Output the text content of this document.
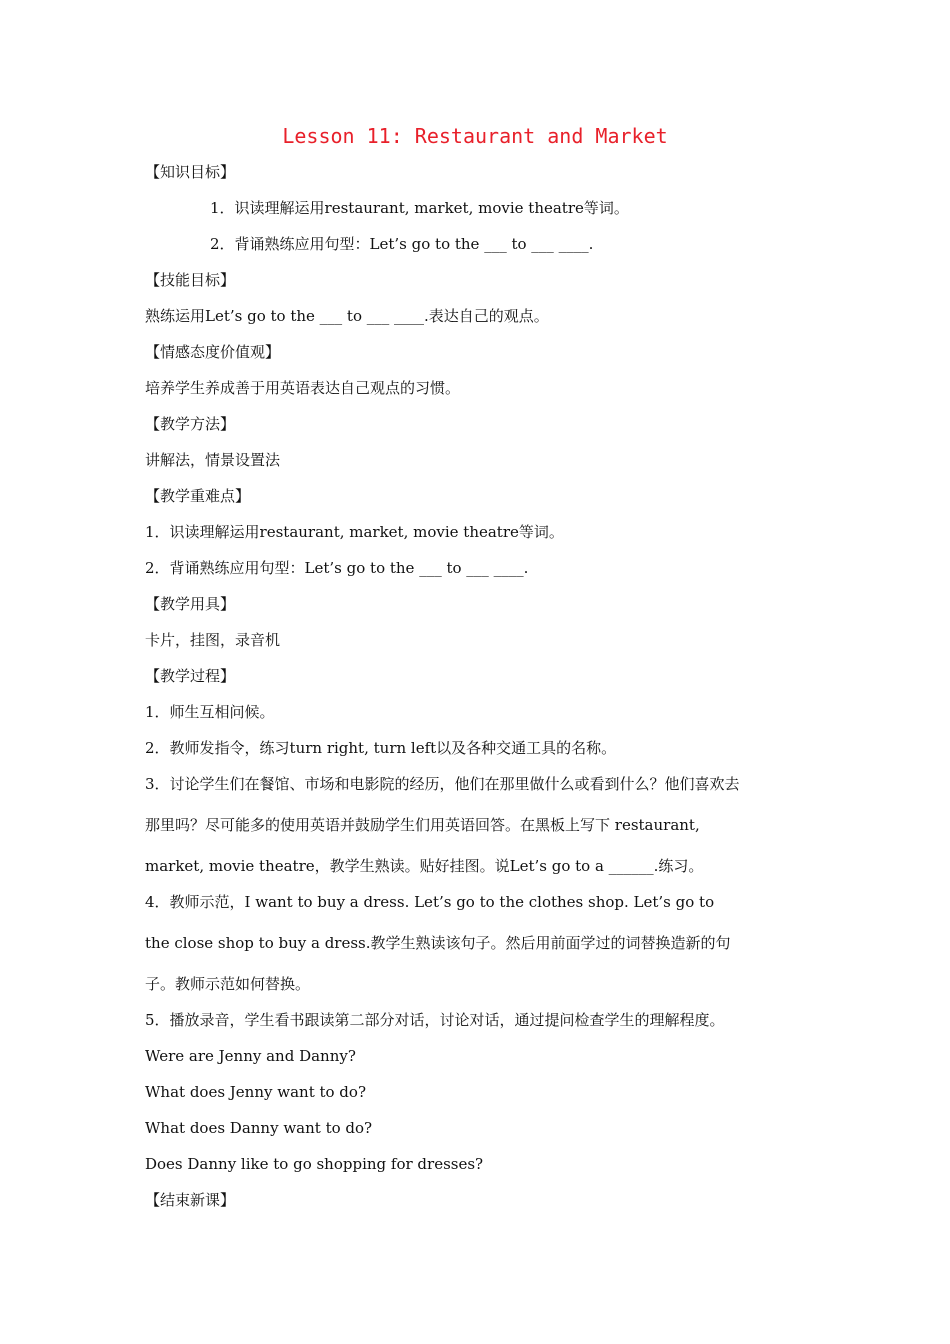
Lesson 11: Restaurant and Market
【知识目标】
1．识读理解运用restaurant, market, movie theatre等词。
2．背诵熟练应用句型：Let’s go to the ___ to ___ ____.
【技能目标】
熟练运用Let’s go to the ___ to ___ ____.表达自己的观点。
【情感态度价值观】
培养学生养成善于用英语表达自己观点的习惯。
【教学方法】
讲解法，情景设置法
【教学重难点】
1．识读理解运用restaurant, market, movie theatre等词。
2．背诵熟练应用句型：Let’s go to the ___ to ___ ____.
【教学用具】
卡片，挂图，录音机
【教学过程】
1．师生互相问候。
2．教师发指令，练习turn right, turn left以及各种交通工具的名称。
3．讨论学生们在餐馆、市场和电影院的经历，他们在那里做什么或看到什么？他们喜欢去
那里吗？尽可能多的使用英语并鼓励学生们用英语回答。在黑板上写下 restaurant,
market, movie theatre，教学生熟读。贴好挂图。说Let’s go to a ______.练习。
4．教师示范，I want to buy a dress. Let’s go to the clothes shop. Let’s go to
the close shop to buy a dress.教学生熟读该句子。然后用前面学过的词替换造新的句
子。教师示范如何替换。
5．播放录音，学生看书跟读第二部分对话，讨论对话，通过提问检查学生的理解程度。
Were are Jenny and Danny?
What does Jenny want to do?
What does Danny want to do?
Does Danny like to go shopping for dresses?
【结束新课】
